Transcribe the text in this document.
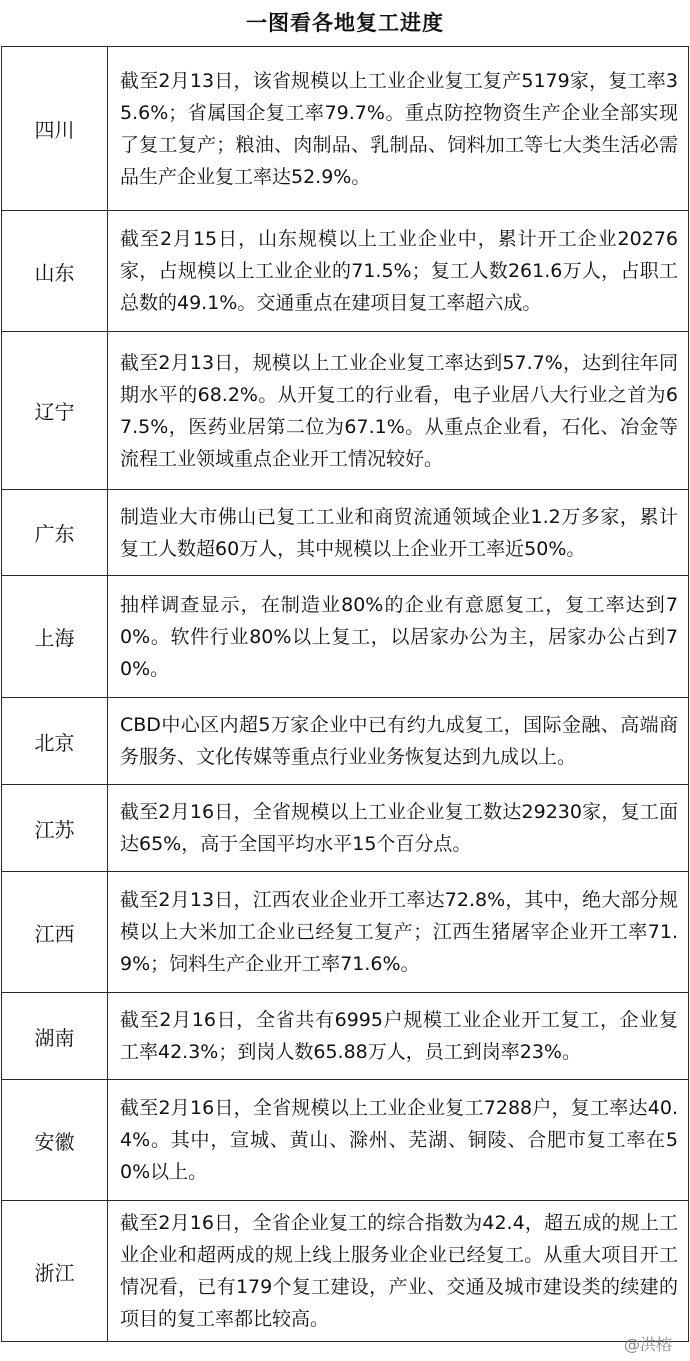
一图看各地复工进度
四川
截至2月13日，该省规模以上工业企业复工复产5179家，复工率35.6%；省属国企复工率79.7%。重点防控物资生产企业全部实现了复工复产；粮油、肉制品、乳制品、饲料加工等七大类生活必需品生产企业复工率达52.9%。
山东
截至2月15日，山东规模以上工业企业中，累计开工企业20276家，占规模以上工业企业的71.5%；复工人数261.6万人，占职工总数的49.1%。交通重点在建项目复工率超六成。
辽宁
截至2月13日，规模以上工业企业复工率达到57.7%，达到往年同期水平的68.2%。从开复工的行业看，电子业居八大行业之首为67.5%，医药业居第二位为67.1%。从重点企业看，石化、冶金等流程工业领域重点企业开工情况较好。
广东
制造业大市佛山已复工工业和商贸流通领域企业1.2万多家，累计复工人数超60万人，其中规模以上企业开工率近50%。
上海
抽样调查显示，在制造业80%的企业有意愿复工，复工率达到70%。软件行业80%以上复工，以居家办公为主，居家办公占到70%。
北京
CBD中心区内超5万家企业中已有约九成复工，国际金融、高端商务服务、文化传媒等重点行业业务恢复达到九成以上。
江苏
截至2月16日，全省规模以上工业企业复工数达29230家，复工面达65%，高于全国平均水平15个百分点。
江西
截至2月13日，江西农业企业开工率达72.8%，其中，绝大部分规模以上大米加工企业已经复工复产；江西生猪屠宰企业开工率71.9%；饲料生产企业开工率71.6%。
湖南
截至2月16日，全省共有6995户规模工业企业开工复工，企业复工率42.3%；到岗人数65.88万人，员工到岗率23%。
安徽
截至2月16日，全省规模以上工业企业复工7288户，复工率达40.4%。其中，宣城、黄山、滁州、芜湖、铜陵、合肥市复工率在50%以上。
浙江
截至2月16日，全省企业复工的综合指数为42.4，超五成的规上工业企业和超两成的规上线上服务业企业已经复工。从重大项目开工情况看，已有179个复工建设，产业、交通及城市建设类的续建的项目的复工率都比较高。
@洪榕
